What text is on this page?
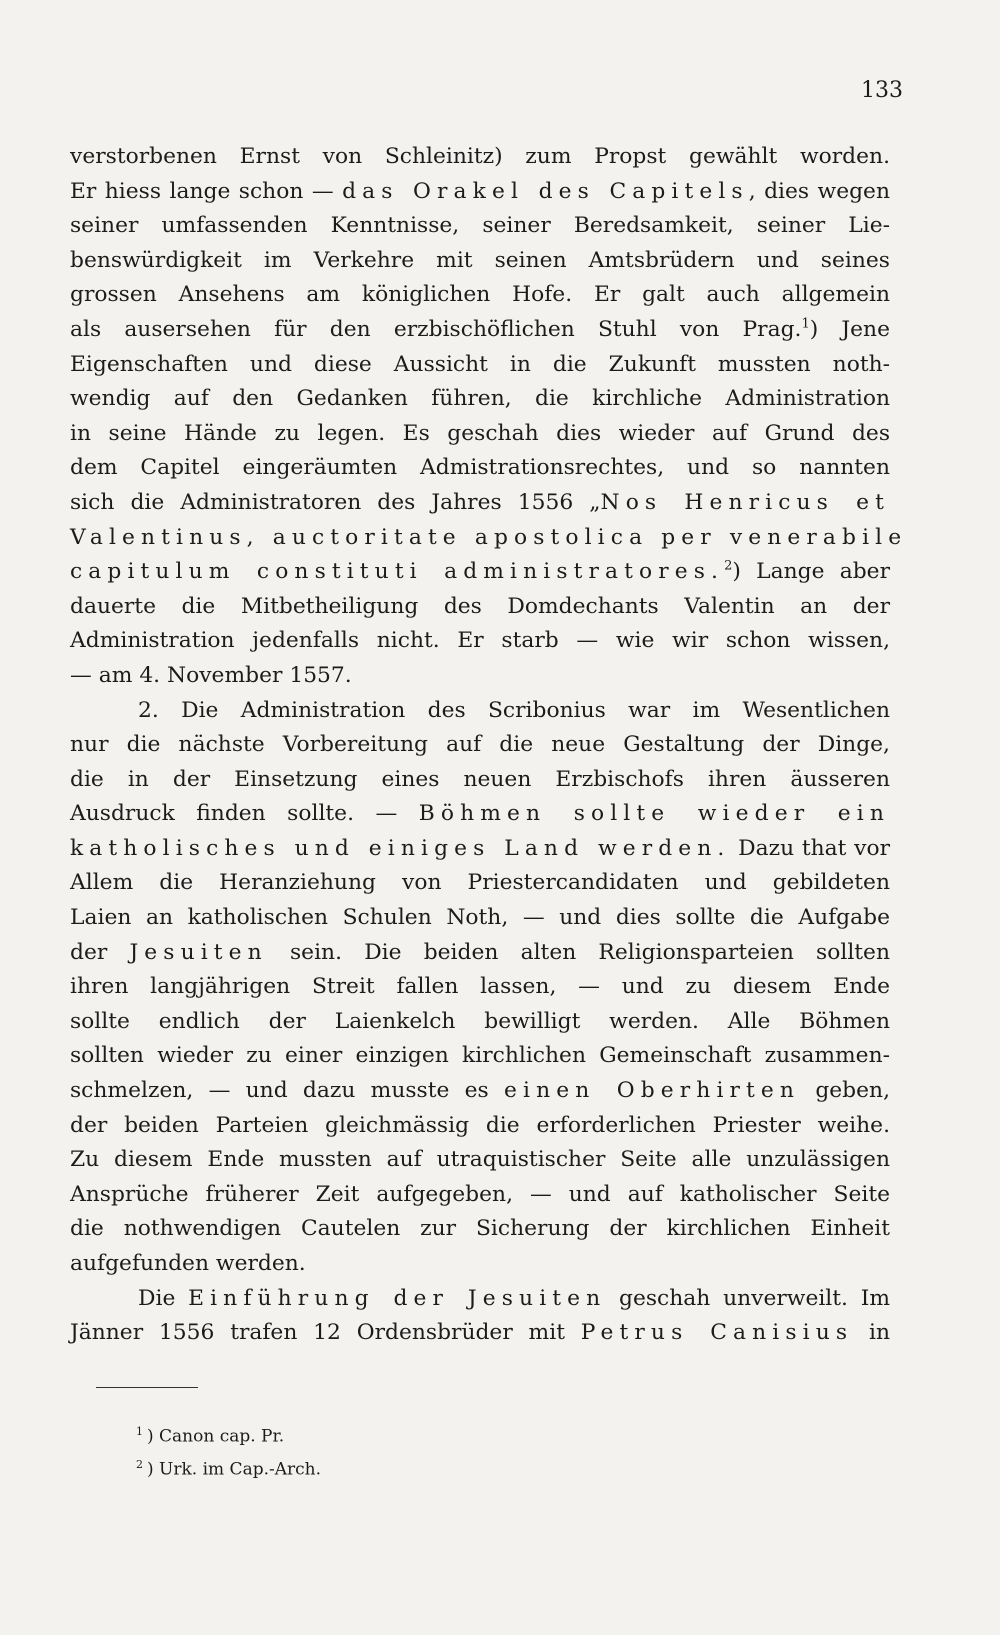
133
verstorbenen Ernst von Schleinitz) zum Propst gewählt worden.
Er hiess lange schon — das Orakel des Capitels, dies wegen
seiner umfassenden Kenntnisse, seiner Beredsamkeit, seiner Lie-
benswürdigkeit im Verkehre mit seinen Amtsbrüdern und seines
grossen Ansehens am königlichen Hofe. Er galt auch allgemein
als ausersehen für den erzbischöflichen Stuhl von Prag.$^1$) Jene
Eigenschaften und diese Aussicht in die Zukunft mussten noth-
wendig auf den Gedanken führen, die kirchliche Administration
in seine Hände zu legen. Es geschah dies wieder auf Grund des
dem Capitel eingeräumten Admistrationsrechtes, und so nannten
sich die Administratoren des Jahres 1556 „Nos Henricus et
Valentinus, auctoritate apostolica per venerabile
capitulum constituti administratores.$^2$) Lange aber
dauerte die Mitbetheiligung des Domdechants Valentin an der
Administration jedenfalls nicht. Er starb — wie wir schon wissen,
— am 4. November 1557.
2. Die Administration des Scribonius war im Wesentlichen
nur die nächste Vorbereitung auf die neue Gestaltung der Dinge,
die in der Einsetzung eines neuen Erzbischofs ihren äusseren
Ausdruck finden sollte. — Böhmen sollte wieder ein
katholisches und einiges Land werden. Dazu that vor
Allem die Heranziehung von Priestercandidaten und gebildeten
Laien an katholischen Schulen Noth, — und dies sollte die Aufgabe
der Jesuiten sein. Die beiden alten Religionsparteien sollten
ihren langjährigen Streit fallen lassen, — und zu diesem Ende
sollte endlich der Laienkelch bewilligt werden. Alle Böhmen
sollten wieder zu einer einzigen kirchlichen Gemeinschaft zusammen-
schmelzen, — und dazu musste es einen Oberhirten geben,
der beiden Parteien gleichmässig die erforderlichen Priester weihe.
Zu diesem Ende mussten auf utraquistischer Seite alle unzulässigen
Ansprüche früherer Zeit aufgegeben, — und auf katholischer Seite
die nothwendigen Cautelen zur Sicherung der kirchlichen Einheit
aufgefunden werden.
Die Einführung der Jesuiten geschah unverweilt. Im
Jänner 1556 trafen 12 Ordensbrüder mit Petrus Canisius in
$^1$ ) Canon cap. Pr.
$^2$ ) Urk. im Cap.-Arch.
